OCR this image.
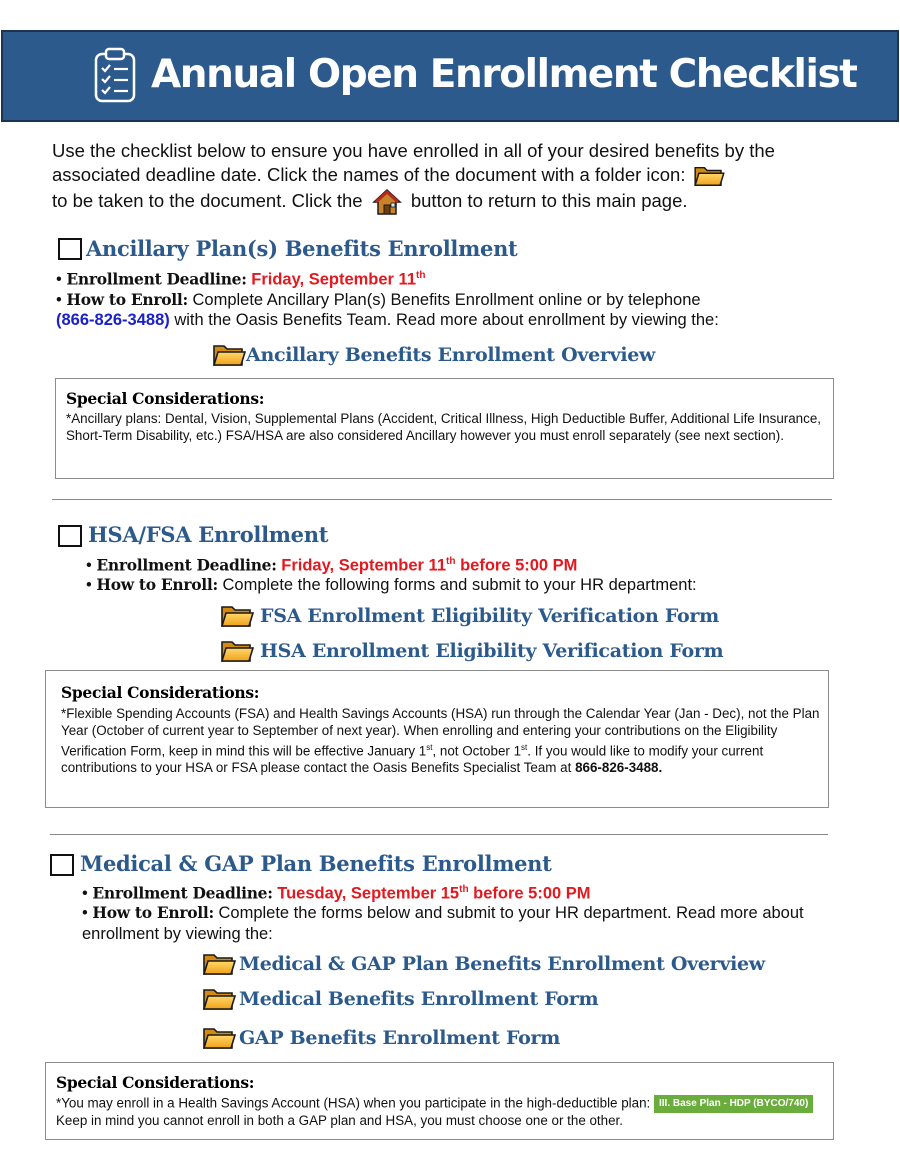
Annual Open Enrollment Checklist
Use the checklist below to ensure you have enrolled in all of your desired benefits by the associated deadline date. Click the names of the document with a folder icon:
to be taken to the document. Click the	button to return to this main page.
Ancillary Plan(s) Benefits Enrollment
• Enrollment Deadline: Friday, September 11th
• How to Enroll: Complete Ancillary Plan(s) Benefits Enrollment online or by telephone
(866-826-3488) with the Oasis Benefits Team. Read more about enrollment by viewing the:
Ancillary Benefits Enrollment Overview
Special Considerations:
*Ancillary plans: Dental, Vision, Supplemental Plans (Accident, Critical Illness, High Deductible Buffer, Additional Life Insurance, Short-Term Disability, etc.) FSA/HSA are also considered Ancillary however you must enroll separately (see next section).
HSA/FSA Enrollment
• Enrollment Deadline: Friday, September 11th before 5:00 PM
• How to Enroll: Complete the following forms and submit to your HR department:
FSA Enrollment Eligibility Verification Form
HSA Enrollment Eligibility Verification Form
Special Considerations:
*Flexible Spending Accounts (FSA) and Health Savings Accounts (HSA) run through the Calendar Year (Jan - Dec), not the Plan Year (October of current year to September of next year). When enrolling and entering your contributions on the Eligibility Verification Form, keep in mind this will be effective January 1st, not October 1st. If you would like to modify your current contributions to your HSA or FSA please contact the Oasis Benefits Specialist Team at 866-826-3488.
Medical & GAP Plan Benefits Enrollment
• Enrollment Deadline: Tuesday, September 15th before 5:00 PM
• How to Enroll: Complete the forms below and submit to your HR department. Read more about enrollment by viewing the:
Medical & GAP Plan Benefits Enrollment Overview
Medical Benefits Enrollment Form
GAP Benefits Enrollment Form
Special Considerations:
*You may enroll in a Health Savings Account (HSA) when you participate in the high-deductible plan: III. Base Plan - HDP (BYCO/740)
Keep in mind you cannot enroll in both a GAP plan and HSA, you must choose one or the other.
